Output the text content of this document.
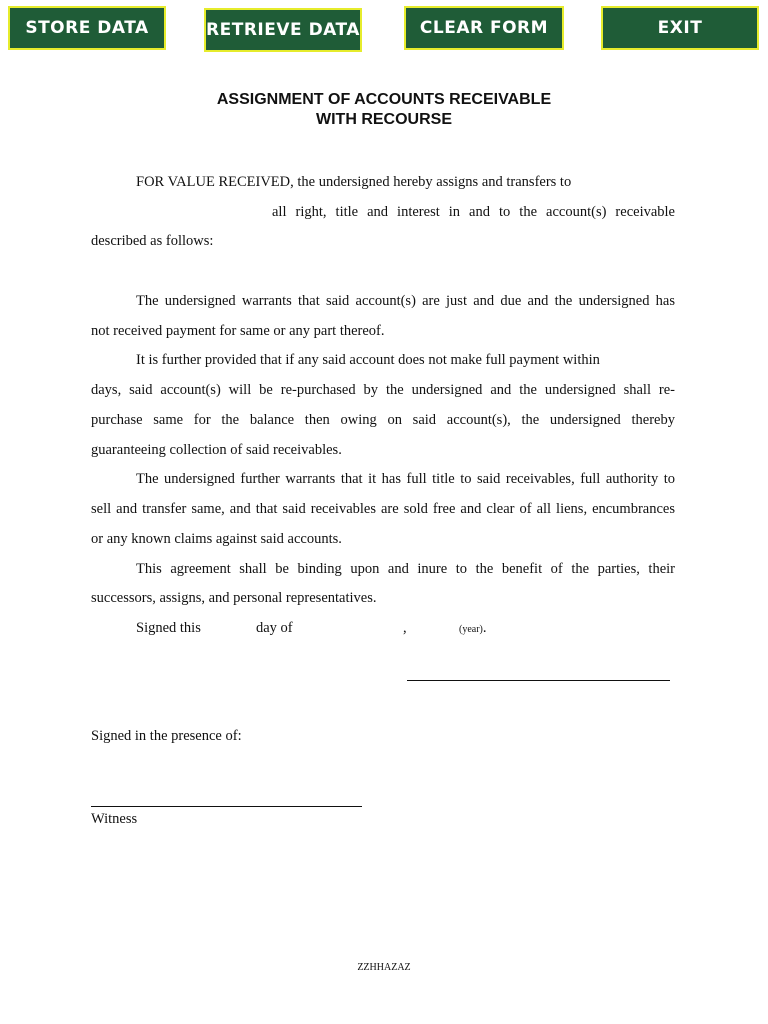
STORE DATA	RETRIEVE DATA	CLEAR FORM	EXIT
ASSIGNMENT OF ACCOUNTS RECEIVABLE
WITH RECOURSE
FOR VALUE RECEIVED, the undersigned hereby assigns and transfers to
all right, title and interest in and to the account(s) receivable
described as follows:
The undersigned warrants that said account(s) are just and due and the undersigned has
not received payment for same or any part thereof.
It is further provided that if any said account does not make full payment within
days, said account(s) will be re-purchased by the undersigned and the undersigned shall re-
purchase same for the balance then owing on said account(s), the undersigned thereby
guaranteeing collection of said receivables.
The undersigned further warrants that it has full title to said receivables, full authority to
sell and transfer same, and that said receivables are sold free and clear of all liens, encumbrances
or any known claims against said accounts.
This agreement shall be binding upon and inure to the benefit of the parties, their
successors, assigns, and personal representatives.
Signed this	day of	,	(year).
Signed in the presence of:
Witness
ZZHHAZAZ
